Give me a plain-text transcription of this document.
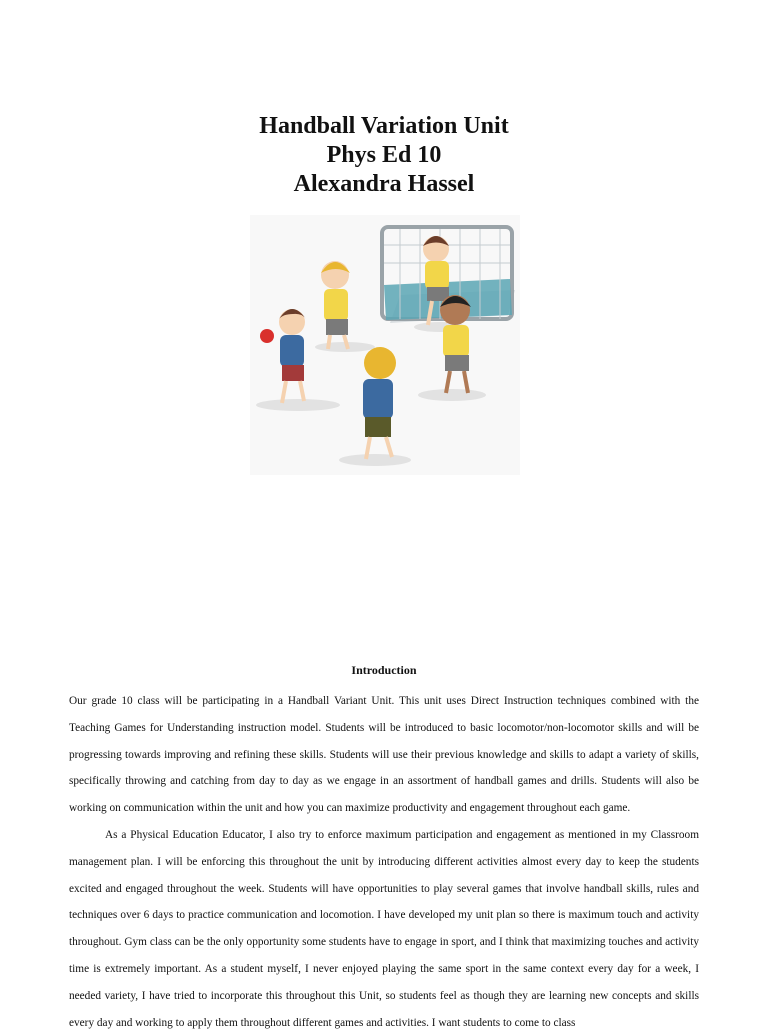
Handball Variation Unit
Phys Ed 10
Alexandra Hassel
Introduction

Our grade 10 class will be participating in a Handball Variant Unit. This unit uses Direct Instruction techniques combined with the Teaching Games for Understanding instruction model. Students will be introduced to basic locomotor/non-locomotor skills and will be progressing towards improving and refining these skills. Students will use their previous knowledge and skills to adapt a variety of skills, specifically throwing and catching from day to day as we engage in an assortment of handball games and drills. Students will also be working on communication within the unit and how you can maximize productivity and engagement throughout each game.

As a Physical Education Educator, I also try to enforce maximum participation and engagement as mentioned in my Classroom management plan. I will be enforcing this throughout the unit by introducing different activities almost every day to keep the students excited and engaged throughout the week. Students will have opportunities to play several games that involve handball skills, rules and techniques over 6 days to practice communication and locomotion. I have developed my unit plan so there is maximum touch and activity throughout. Gym class can be the only opportunity some students have to engage in sport, and I think that maximizing touches and activity time is extremely important. As a student myself, I never enjoyed playing the same sport in the same context every day for a week, I needed variety, I have tried to incorporate this throughout this Unit, so students feel as though they are learning new concepts and skills every day and working to apply them throughout different games and activities. I want students to come to class
